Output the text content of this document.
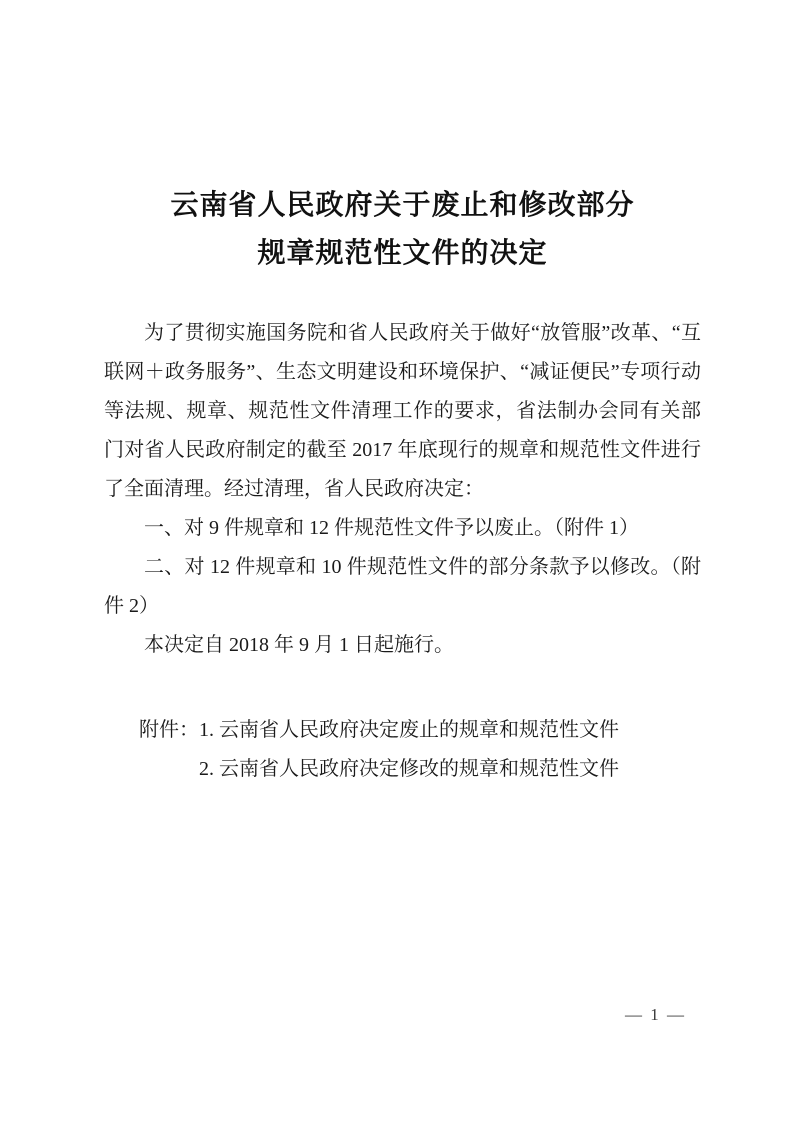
云南省人民政府关于废止和修改部分
规章规范性文件的决定

为了贯彻实施国务院和省人民政府关于做好“放管服”改革、“互联网＋政务服务”、生态文明建设和环境保护、“减证便民”专项行动等法规、规章、规范性文件清理工作的要求，省法制办会同有关部门对省人民政府制定的截至 2017 年底现行的规章和规范性文件进行了全面清理。经过清理，省人民政府决定：

一、对 9 件规章和 12 件规范性文件予以废止。（附件 1）

二、对 12 件规章和 10 件规范性文件的部分条款予以修改。（附件 2）

本决定自 2018 年 9 月 1 日起施行。

附件： 1. 云南省人民政府决定废止的规章和规范性文件
2. 云南省人民政府决定修改的规章和规范性文件
— 1 —
